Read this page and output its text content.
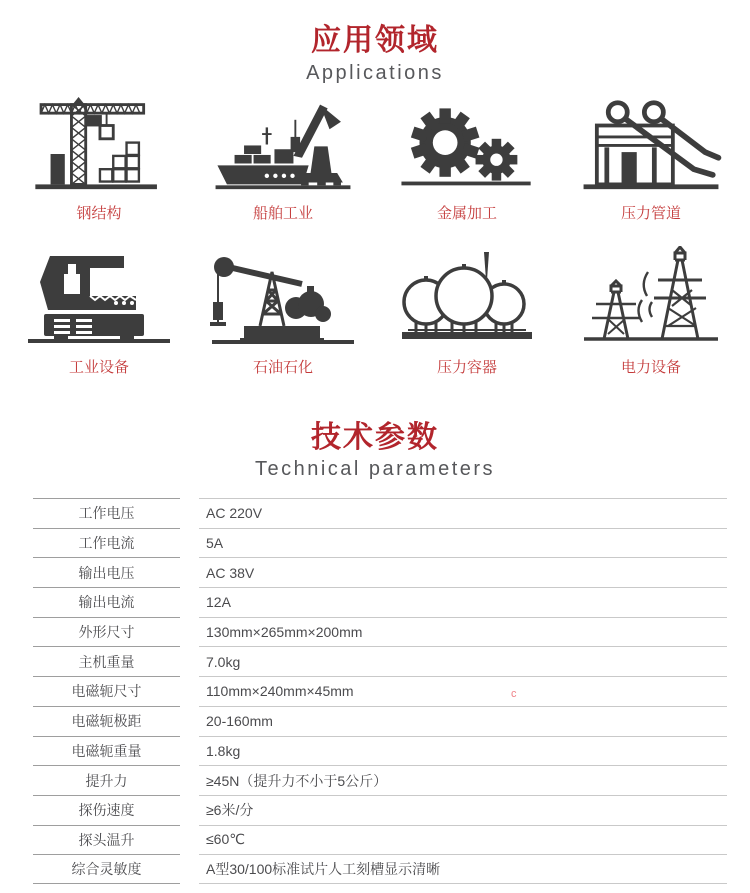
应用领域
Applications
钢结构	船舶工业	金属加工	压力管道
工业设备	石油石化	压力容器	电力设备
技术参数
Technical parameters
工作电压	AC 220V
工作电流	5A
输出电压	AC 38V
输出电流	12A
外形尺寸	130mm×265mm×200mm
主机重量	7.0kg
电磁轭尺寸	110mm×240mm×45mm
电磁轭极距	20-160mm
电磁轭重量	1.8kg
提升力	≥45N（提升力不小于5公斤）
探伤速度	≥6米/分
探头温升	≤60℃
综合灵敏度	A型30/100标准试片人工刻槽显示清晰
c
